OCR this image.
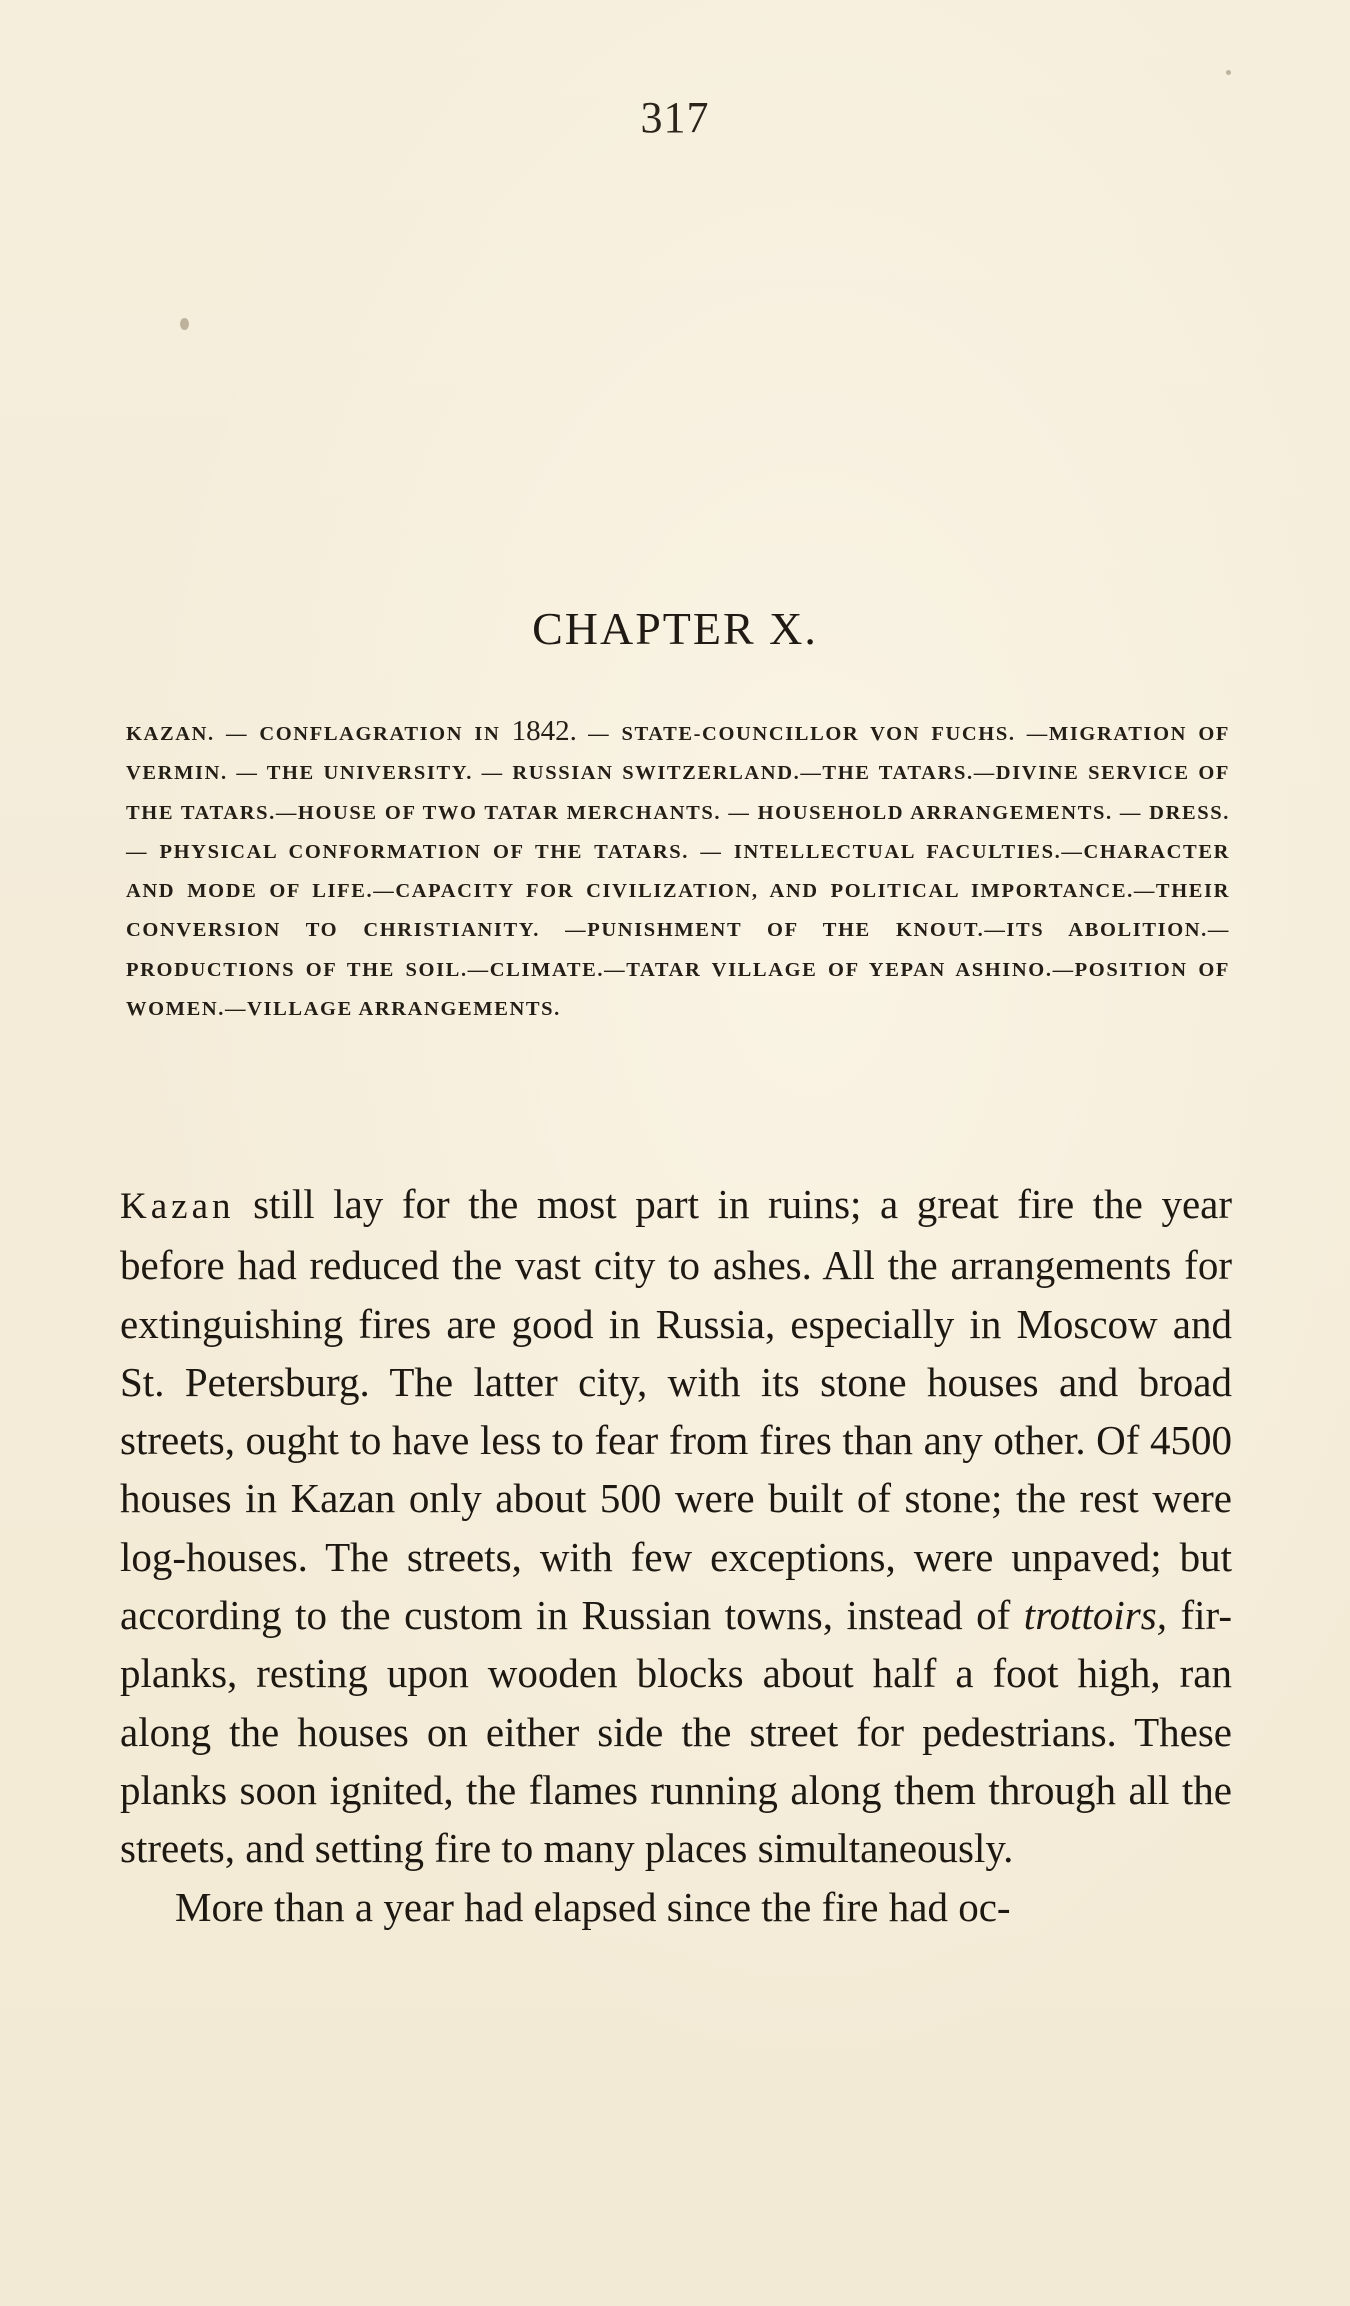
317
CHAPTER X.
KAZAN. — CONFLAGRATION IN 1842. — STATE-COUNCILLOR VON FUCHS. —MIGRATION OF VERMIN. — THE UNIVERSITY. — RUSSIAN SWITZERLAND.—THE TATARS.—DIVINE SERVICE OF THE TATARS.—HOUSE OF TWO TATAR MERCHANTS. — HOUSEHOLD ARRANGEMENTS. — DRESS. — PHYSICAL CONFORMATION OF THE TATARS. — INTELLECTUAL FACULTIES.—CHARACTER AND MODE OF LIFE.—CAPACITY FOR CIVILIZATION, AND POLITICAL IMPORTANCE.—THEIR CONVERSION TO CHRISTIANITY. —PUNISHMENT OF THE KNOUT.—ITS ABOLITION.—PRODUCTIONS OF THE SOIL.—CLIMATE.—TATAR VILLAGE OF YEPAN ASHINO.—POSITION OF WOMEN.—VILLAGE ARRANGEMENTS.

Kazan still lay for the most part in ruins; a great fire the year before had reduced the vast city to ashes. All the arrangements for extinguishing fires are good in Russia, especially in Moscow and St. Petersburg. The latter city, with its stone houses and broad streets, ought to have less to fear from fires than any other. Of 4500 houses in Kazan only about 500 were built of stone; the rest were log-houses. The streets, with few exceptions, were unpaved; but according to the custom in Russian towns, instead of trottoirs, fir-planks, resting upon wooden blocks about half a foot high, ran along the houses on either side the street for pedestrians. These planks soon ignited, the flames running along them through all the streets, and setting fire to many places simultaneously.

More than a year had elapsed since the fire had oc-
